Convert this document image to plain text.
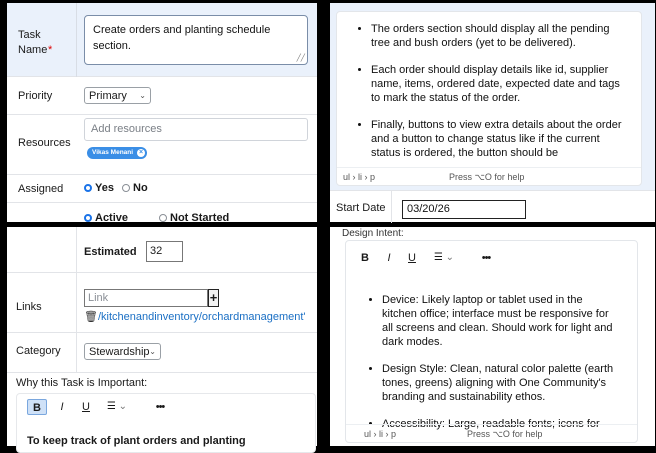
Task Name*
Create orders and planting schedule section.
╱╱
Priority	Primary ⌄
Resources
Add resources
Vikas Menani ×
Assigned	Yes	No
Active	Not Started
• The orders section should display all the pending tree and bush orders (yet to be delivered).
• Each order should display details like id, supplier name, items, ordered date, expected date and tags to mark the status of the order.
• Finally, buttons to view extra details about the order and a button to change status like if the current status is ordered, the button should be
ul › li › p	Press ⌥O for help
Start Date	03/20/26
Estimated	32
Links
Link	+
🗑/kitchenandinventory/orchardmanagement'
Category	Stewardship ⌄
Why this Task is Important:
B	I	U	☰ ⌄	•••
To keep track of plant orders and planting
Design Intent:
B	I	U	☰ ⌄	•••
• Device: Likely laptop or tablet used in the kitchen office; interface must be responsive for all screens and clean. Should work for light and dark modes.
• Design Style: Clean, natural color palette (earth tones, greens) aligning with One Community's branding and sustainability ethos.
• Accessibility: Large, readable fonts; icons for
ul › li › p	Press ⌥O for help
